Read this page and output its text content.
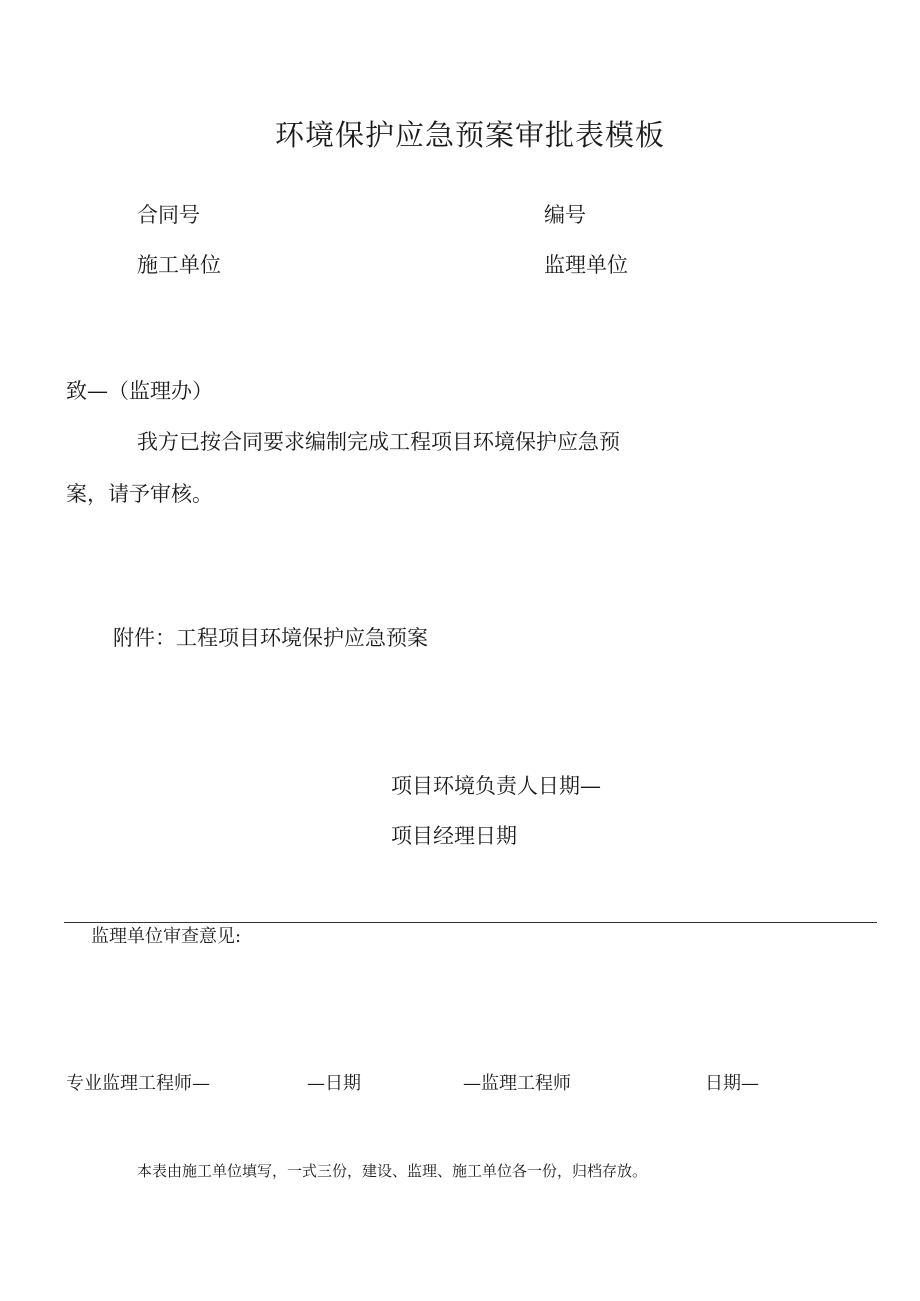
环境保护应急预案审批表模板
合同号	编号
施工单位	监理单位
致—（监理办）
我方已按合同要求编制完成工程项目环境保护应急预
案，请予审核。
附件：工程项目环境保护应急预案
项目环境负责人日期—
项目经理日期
监理单位审查意见:
专业监理工程师—	—日期	—监理工程师	日期—
本表由施工单位填写，一式三份，建设、监理、施工单位各一份，归档存放。
